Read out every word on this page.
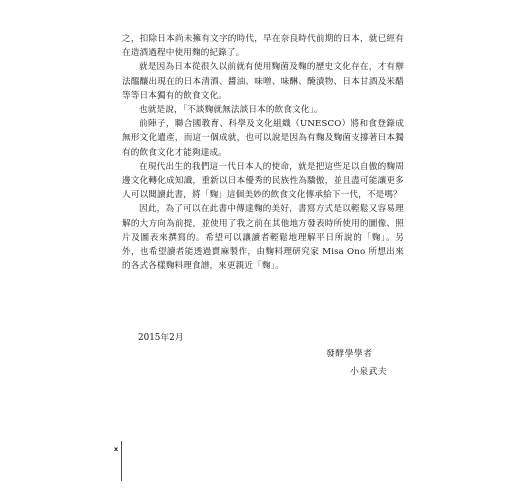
之，扣除日本尚未擁有文字的時代，早在奈良時代前期的日本，就已經有在造酒過程中使用麴的紀錄了。

就是因為日本從很久以前就有使用麴菌及麴的歷史文化存在，才有辦法醞釀出現在的日本清酒、醬油、味噌、味醂、醃漬物、日本甘酒及米醋等等日本獨有的飲食文化。

也就是說，「不談麴就無法談日本的飲食文化」。

前陣子，聯合國教育、科學及文化組織（UNESCO）將和食登錄成無形文化遺產，而這一個成就，也可以說是因為有麴及麴菌支撐著日本獨有的飲食文化才能夠達成。

在現代出生的我們這一代日本人的使命，就是把這些足以自傲的麴周邊文化轉化成知識，重新以日本優秀的民族性為驕傲，並且盡可能讓更多人可以閱讀此書，將「麴」這個美妙的飲食文化傳承給下一代，不是嗎？

因此，為了可以在此書中傳達麴的美好，書寫方式是以輕鬆又容易理解的大方向為前提，並使用了我之前在其他地方發表時所使用的圖像、照片及圖表來撰寫的。希望可以讓讀者輕鬆地理解平日所說的「麴」。另外，也希望讀者能透過賣麻製作，由麴料理研究家 Misa Ono 所想出來的各式各樣麴料理食譜，來更親近「麴」。

2015年2月
發酵學學者
小泉武夫
x
